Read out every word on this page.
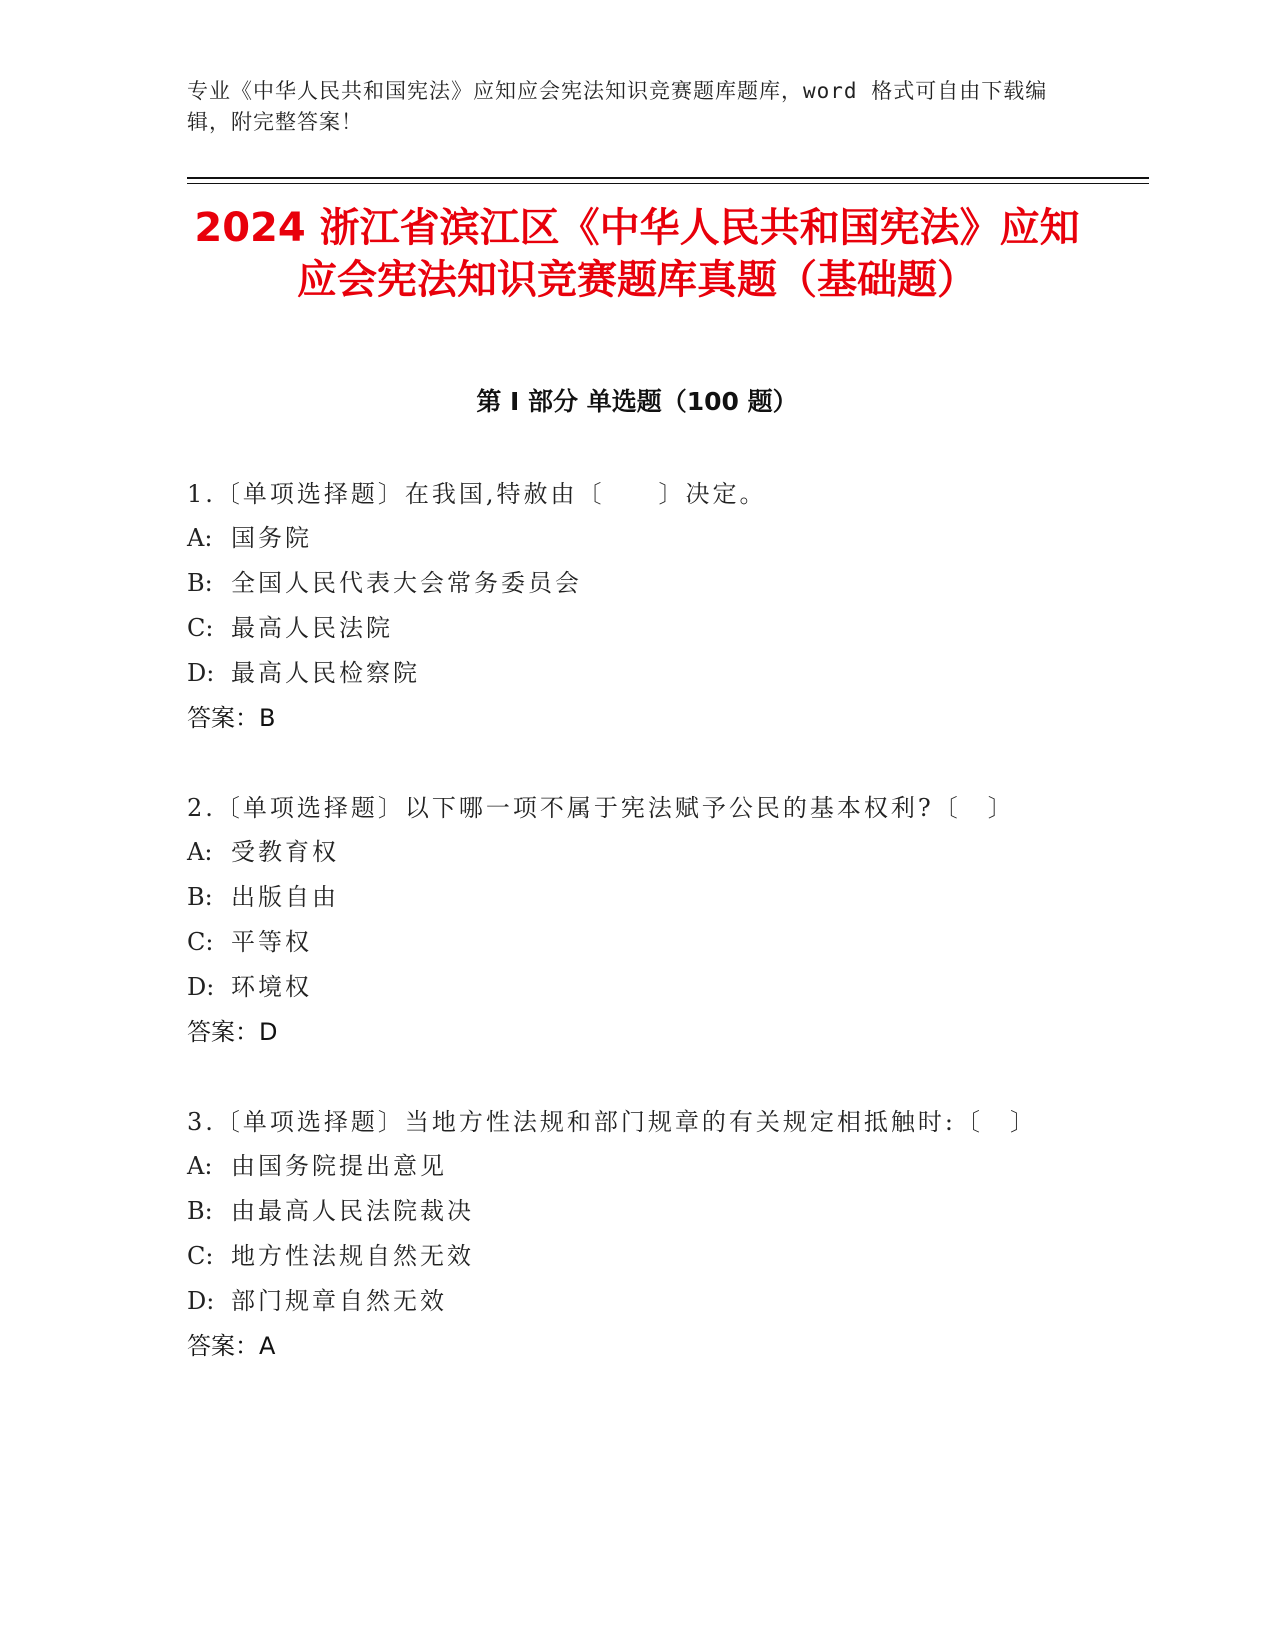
专业《中华人民共和国宪法》应知应会宪法知识竞赛题库题库，word 格式可自由下载编辑，附完整答案！
2024 浙江省滨江区《中华人民共和国宪法》应知应会宪法知识竞赛题库真题（基础题）
第 I 部分 单选题（100 题）
1.〔单项选择题〕在我国,特赦由〔　　〕决定。
A: 国务院
B: 全国人民代表大会常务委员会
C: 最高人民法院
D: 最高人民检察院
答案：B
2.〔单项选择题〕以下哪一项不属于宪法赋予公民的基本权利?〔　〕
A: 受教育权
B: 出版自由
C: 平等权
D: 环境权
答案：D
3.〔单项选择题〕当地方性法规和部门规章的有关规定相抵触时:〔　〕
A: 由国务院提出意见
B: 由最高人民法院裁决
C: 地方性法规自然无效
D: 部门规章自然无效
答案：A
